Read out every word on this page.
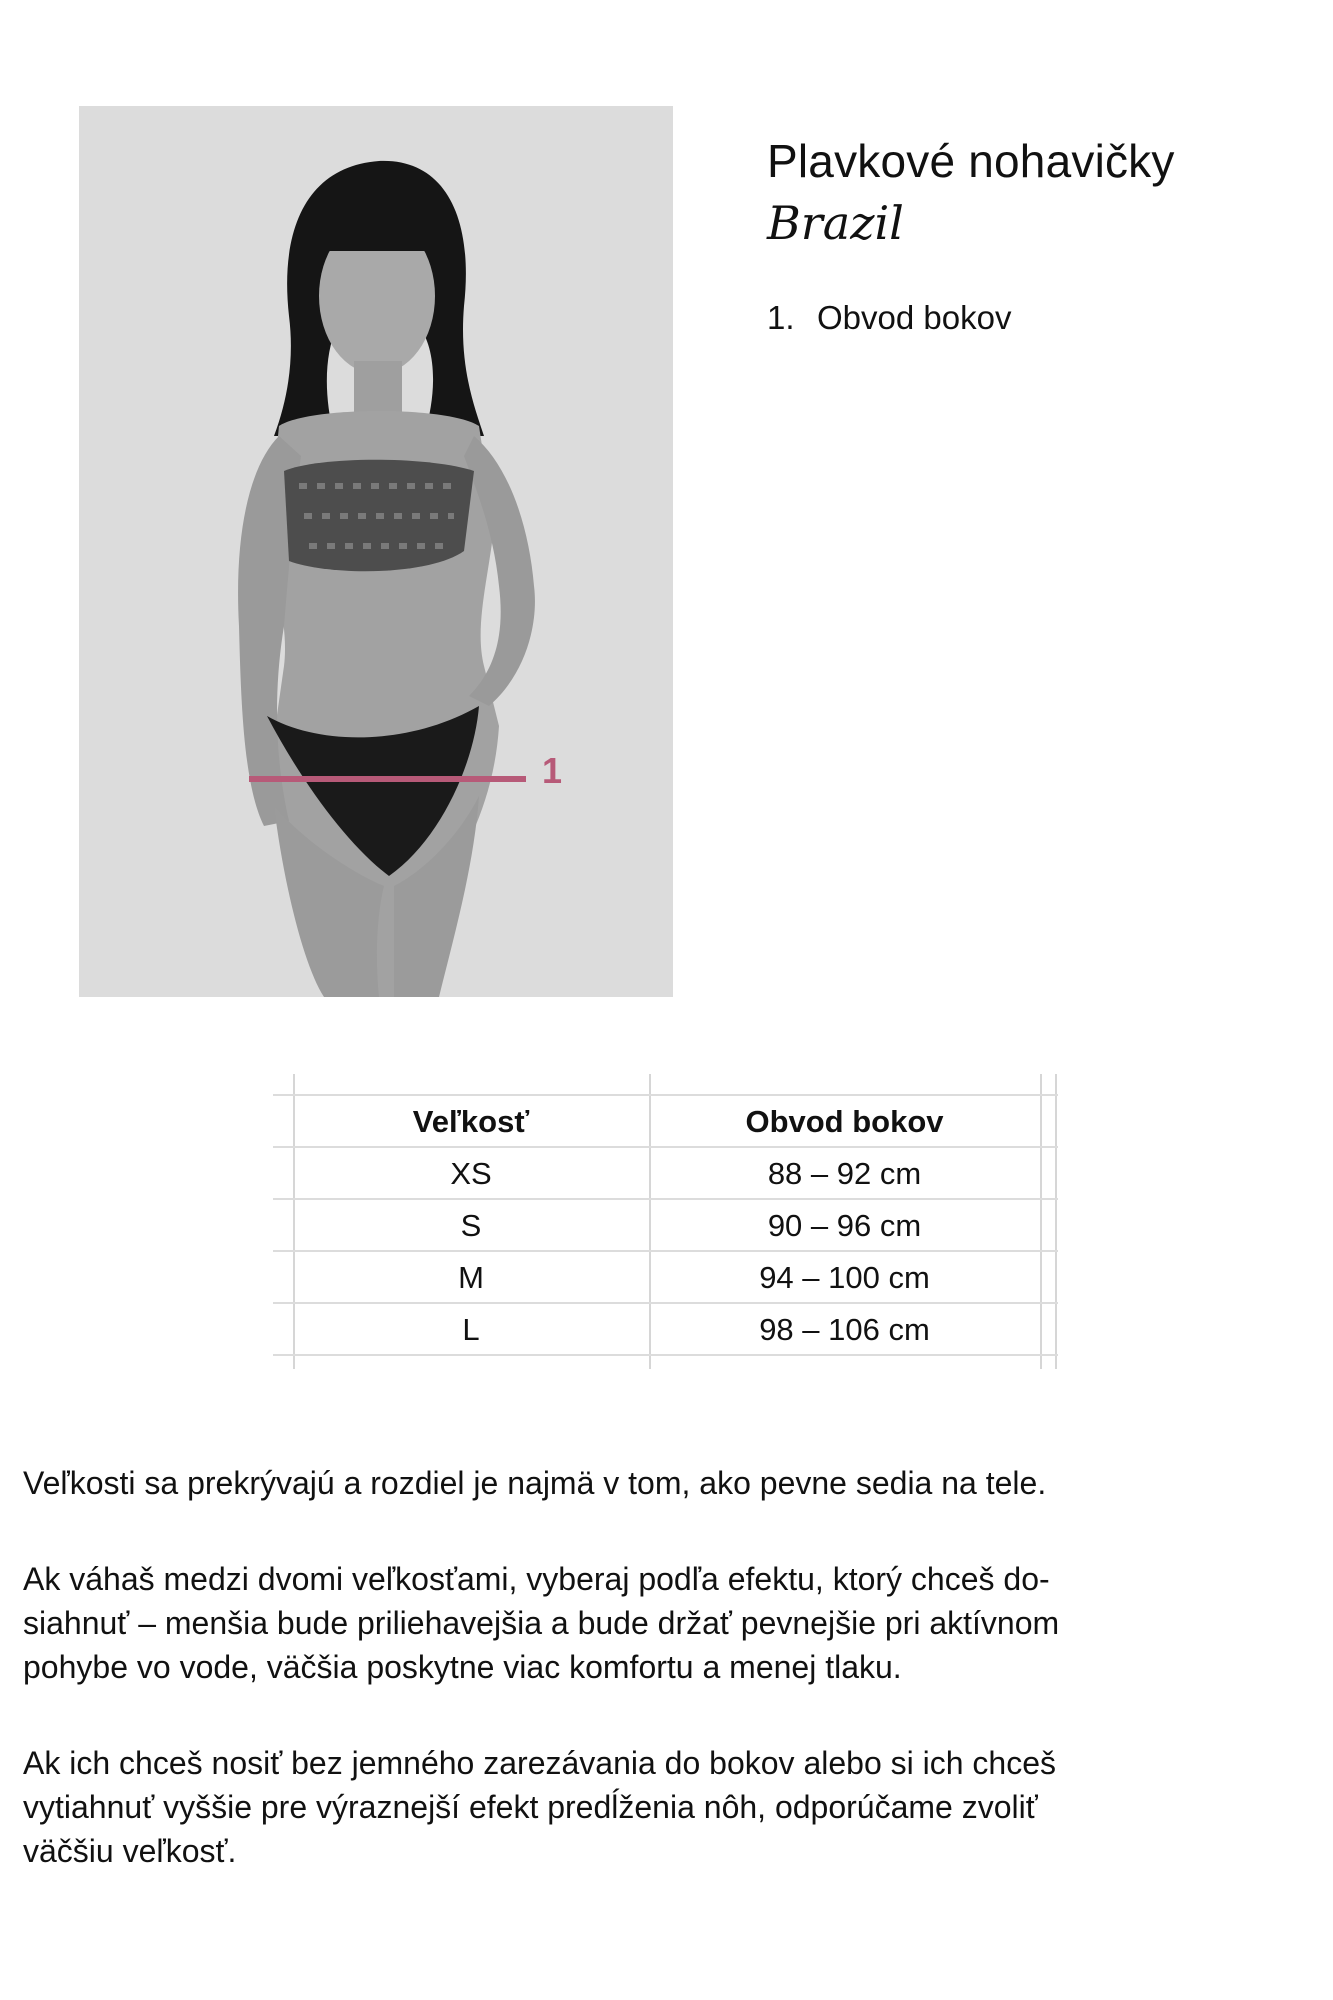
1
Plavkové nohavičky
Brazil
1. Obvod bokov
Veľkosť	Obvod bokov
XS	88 – 92 cm
S	90 – 96 cm
M	94 – 100 cm
L	98 – 106 cm
Veľkosti sa prekrývajú a rozdiel je najmä v tom, ako pevne sedia na tele.
Ak váhaš medzi dvomi veľkosťami, vyberaj podľa efektu, ktorý chceš do-
siahnuť – menšia bude priliehavejšia a bude držať pevnejšie pri aktívnom
pohybe vo vode, väčšia poskytne viac komfortu a menej tlaku.
Ak ich chceš nosiť bez jemného zarezávania do bokov alebo si ich chceš
vytiahnuť vyššie pre výraznejší efekt predĺženia nôh, odporúčame zvoliť
väčšiu veľkosť.
